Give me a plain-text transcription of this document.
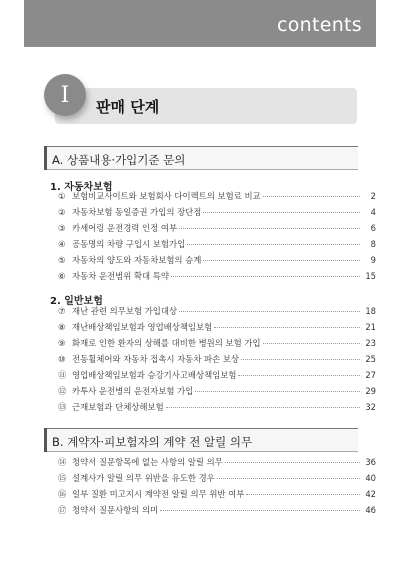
contents
I	판매 단계
A. 상품내용·가입기준 문의
1. 자동차보험
① 보험비교사이트와 보험회사 다이렉트의 보험료 비교	2
② 자동차보험 동일증권 가입의 장단점	4
③ 카셰어링 운전경력 인정 여부	6
④ 공동명의 차량 구입시 보험가입	8
⑤ 자동차의 양도와 자동차보험의 승계	9
⑥ 자동차 운전범위 확대 특약	15
2. 일반보험
⑦ 재난 관련 의무보험 가입대상	18
⑧ 재난배상책임보험과 영업배상책임보험	21
⑨ 화재로 인한 환자의 상해를 대비한 병원의 보험 가입	23
⑩ 전동휠체어와 자동차 접촉시 자동차 파손 보상	25
⑪ 영업배상책임보험과 승강기사고배상책임보험	27
⑫ 카투사 운전병의 운전자보험 가입	29
⑬ 근재보험과 단체상해보험	32
B. 계약자·피보험자의 계약 전 알릴 의무
⑭ 청약서 질문항목에 없는 사항의 알릴 의무	36
⑮ 설계사가 알릴 의무 위반을 유도한 경우	40
⑯ 일부 질환 미고지시 계약전 알릴 의무 위반 여부	42
⑰ 청약서 질문사항의 의미	46
